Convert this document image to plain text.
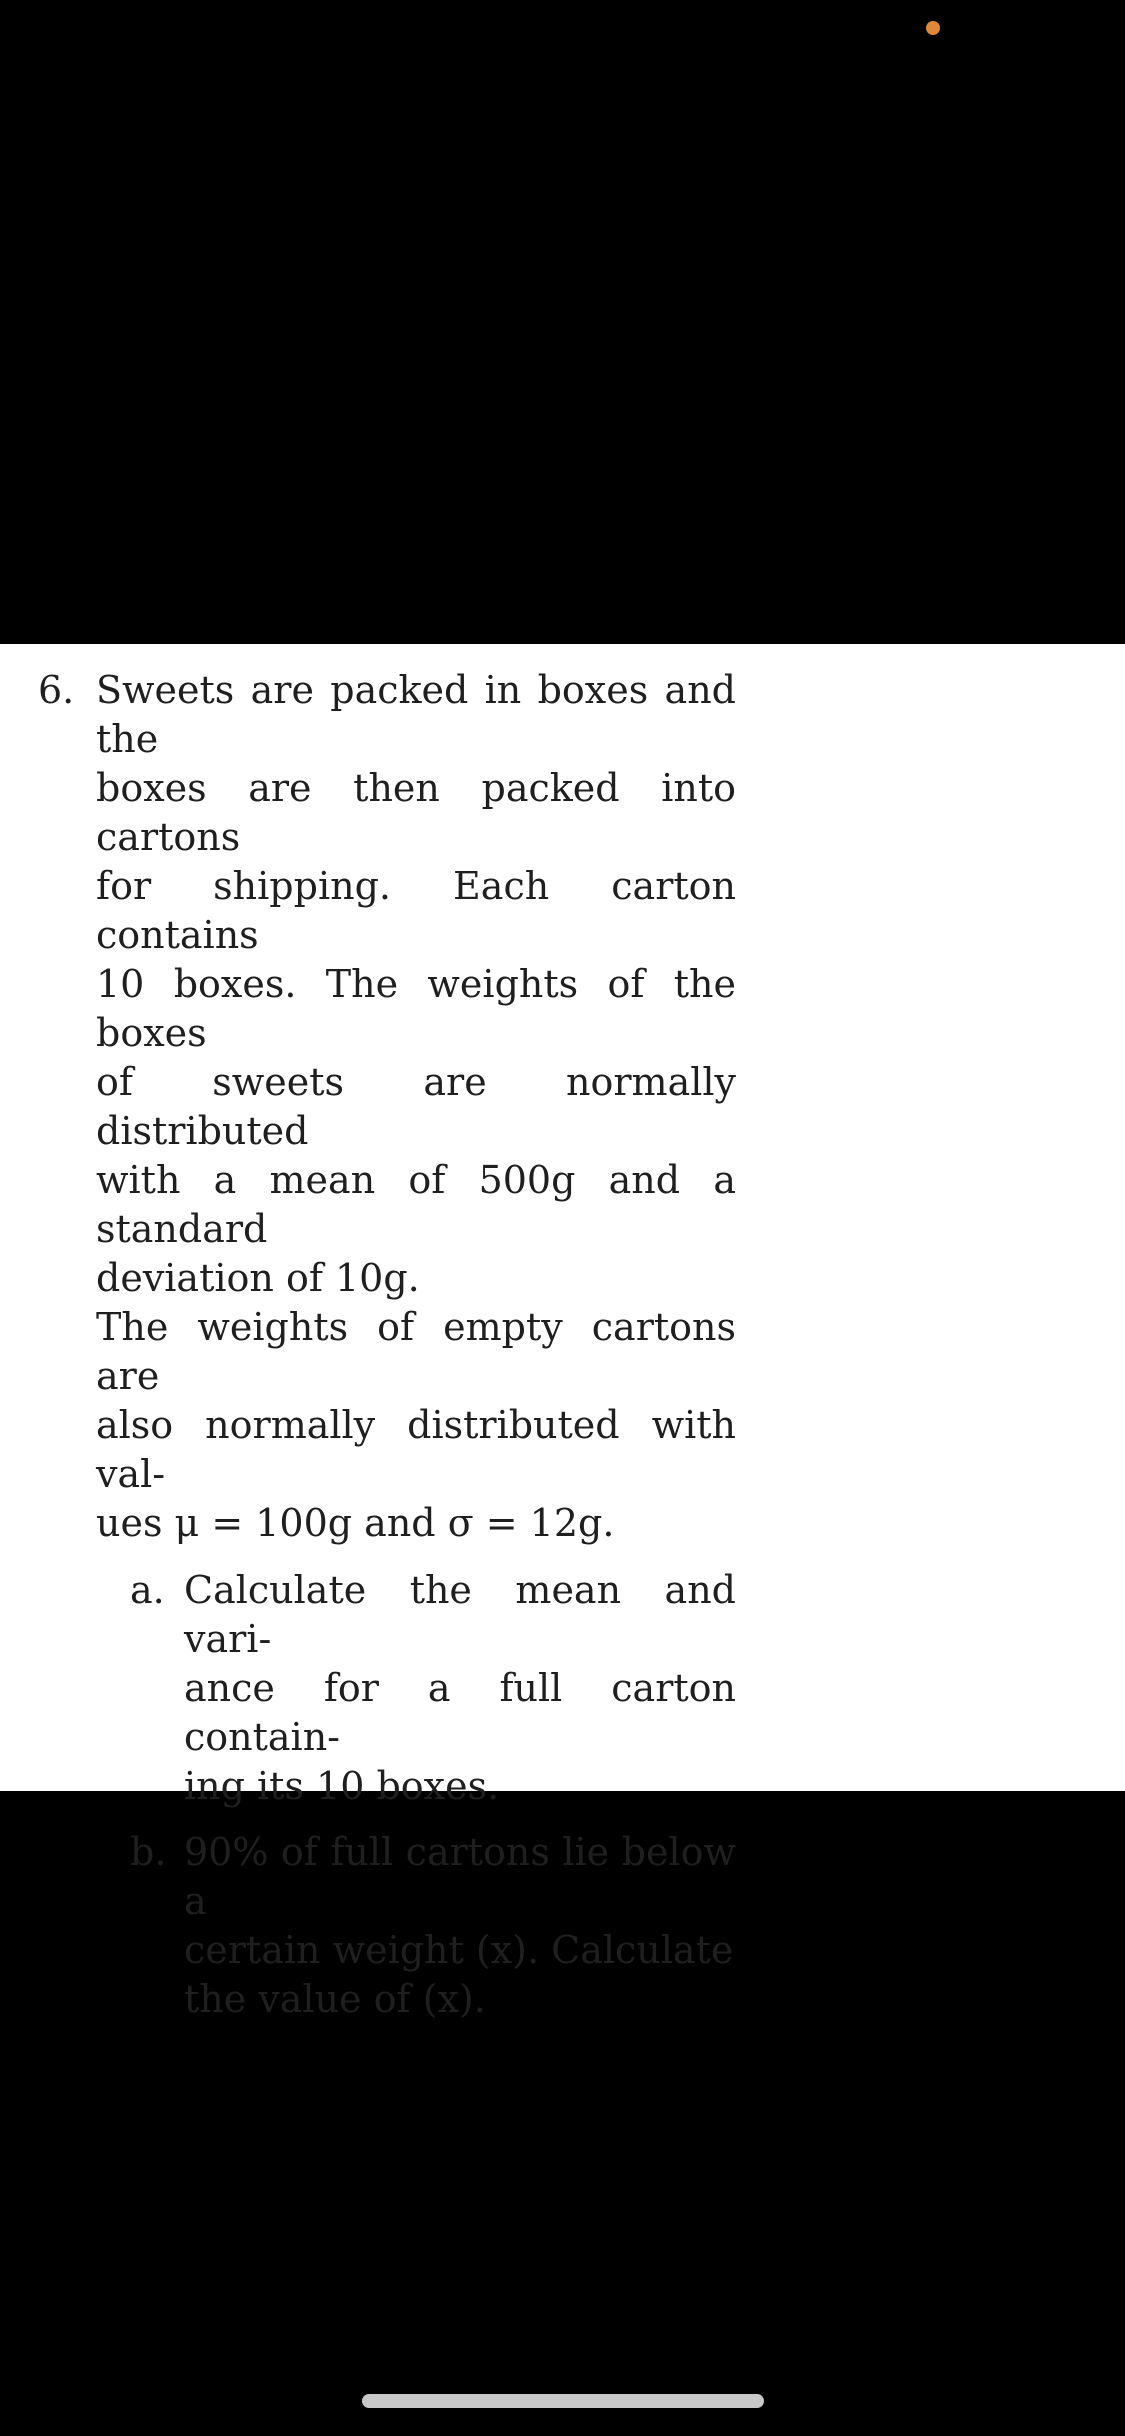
6. Sweets are packed in boxes and the
boxes are then packed into cartons
for shipping. Each carton contains
10 boxes. The weights of the boxes
of sweets are normally distributed
with a mean of 500g and a standard
deviation of 10g.
The weights of empty cartons are
also normally distributed with val-
ues μ = 100g and σ = 12g.
a. Calculate the mean and vari-
ance for a full carton contain-
ing its 10 boxes.
b. 90% of full cartons lie below a
certain weight (x). Calculate
the value of (x).
